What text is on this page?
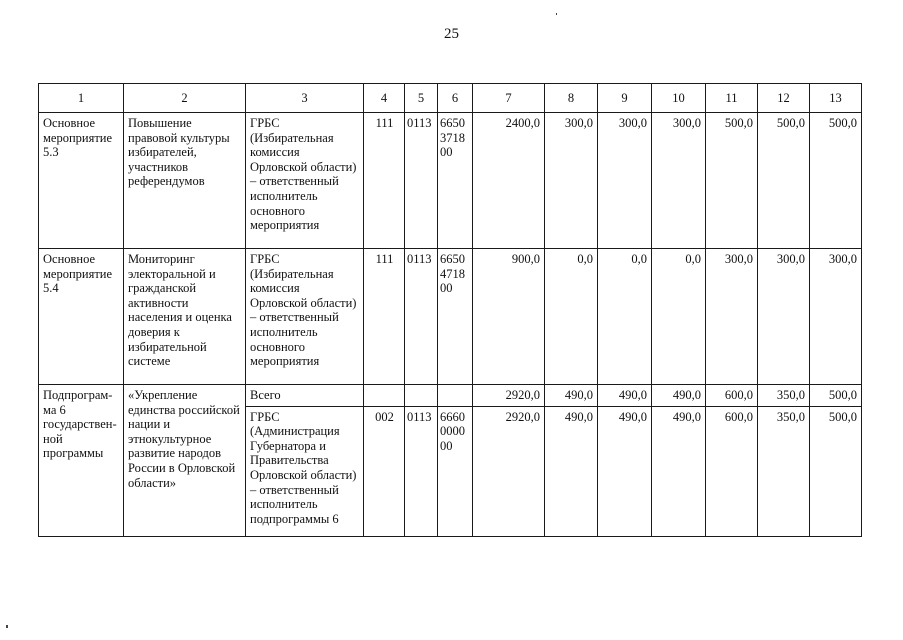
25
1	2	3	4	5	6	7	8	9	10	11	12	13
Основное мероприятие 5.3	Повышение правовой культуры избирателей, участников референдумов	ГРБС (Избирательная комиссия Орловской области) – ответственный исполнитель основного мероприятия	111	0113	6650 3718 00	2400,0	300,0	300,0	300,0	500,0	500,0	500,0
Основное мероприятие 5.4	Мониторинг электоральной и гражданской активности населения и оценка доверия к избирательной системе	ГРБС (Избирательная комиссия Орловской области) – ответственный исполнитель основного мероприятия	111	0113	6650 4718 00	900,0	0,0	0,0	0,0	300,0	300,0	300,0
Подпрограм-ма 6 государствен-ной программы	«Укрепление единства российской нации и этнокультурное развитие народов России в Орловской области»	Всего				2920,0	490,0	490,0	490,0	600,0	350,0	500,0
		ГРБС (Администрация Губернатора и Правительства Орловской области) – ответственный исполнитель подпрограммы 6	002	0113	6660 0000 00	2920,0	490,0	490,0	490,0	600,0	350,0	500,0
